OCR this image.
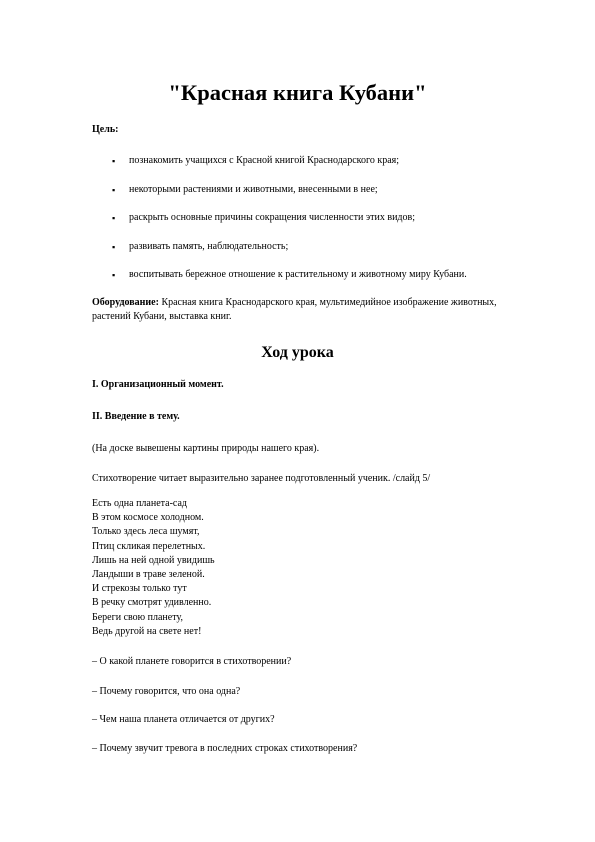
"Красная книга Кубани"

Цель:

▪ познакомить учащихся с Красной книгой Краснодарского края;
▪ некоторыми растениями и животными, внесенными в нее;
▪ раскрыть основные причины сокращения численности этих видов;
▪ развивать память, наблюдательность;
▪ воспитывать бережное отношение к растительному и животному миру Кубани.

Оборудование: Красная книга Краснодарского края, мультимедийное изображение животных, растений Кубани, выставка книг.

Ход урока

I. Организационный момент.

II. Введение в тему.

(На доске вывешены картины природы нашего края).

Стихотворение читает выразительно заранее подготовленный ученик. /слайд 5/

Есть одна планета-сад
В этом космосе холодном.
Только здесь леса шумят,
Птиц скликая перелетных.
Лишь на ней одной увидишь
Ландыши в траве зеленой.
И стрекозы только тут
В речку смотрят удивленно.
Береги свою планету,
Ведь другой на свете нет!

– О какой планете говорится в стихотворении?

– Почему говорится, что она одна?

– Чем наша планета отличается от других?

– Почему звучит тревога в последних строках стихотворения?
